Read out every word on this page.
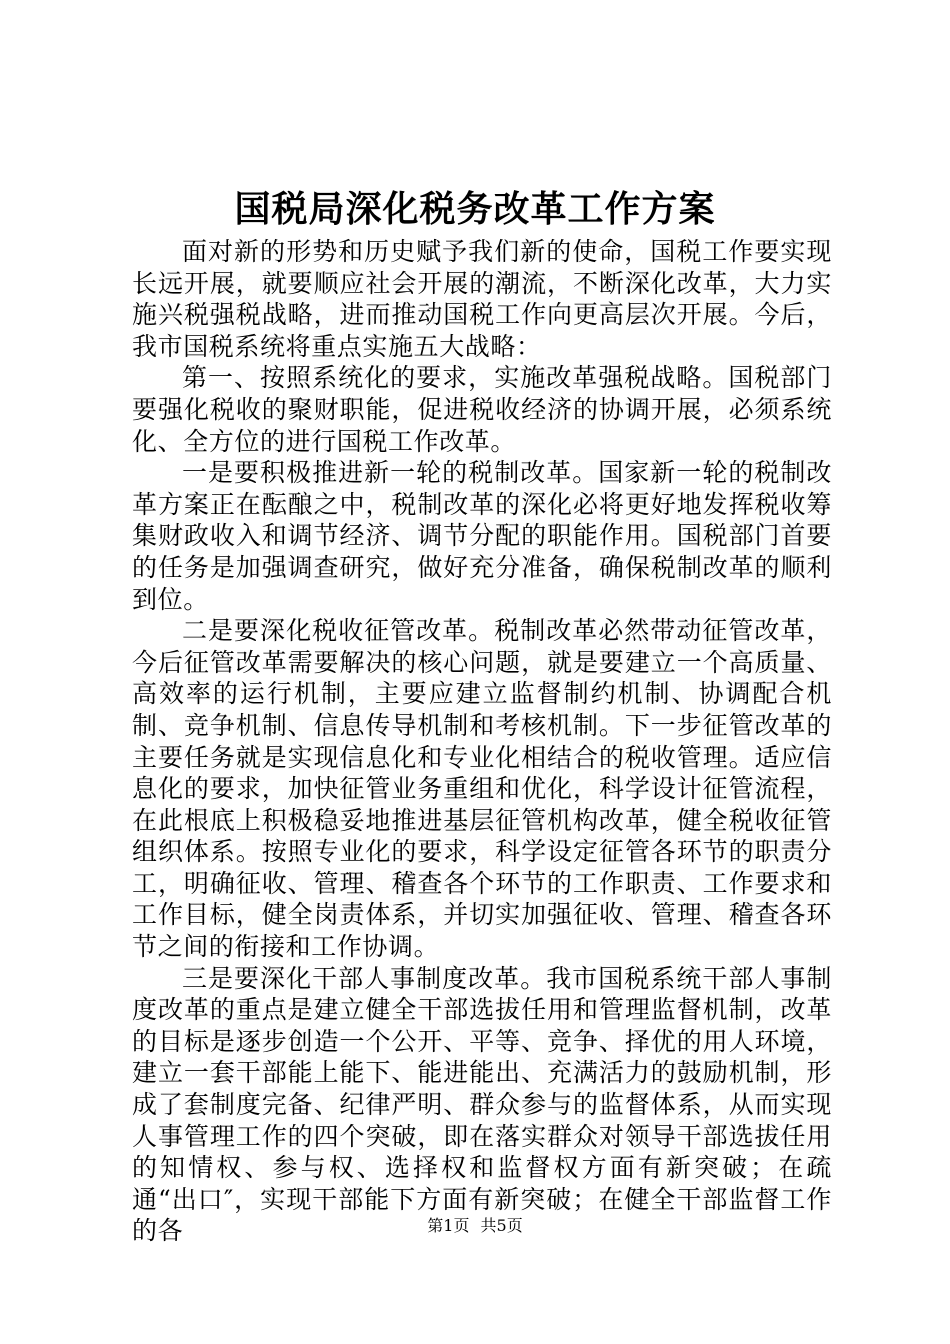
国税局深化税务改革工作方案

面对新的形势和历史赋予我们新的使命，国税工作要实现长远开展，就要顺应社会开展的潮流，不断深化改革，大力实施兴税强税战略，进而推动国税工作向更高层次开展。今后，我市国税系统将重点实施五大战略：

第一、按照系统化的要求，实施改革强税战略。国税部门要强化税收的聚财职能，促进税收经济的协调开展，必须系统化、全方位的进行国税工作改革。

一是要积极推进新一轮的税制改革。国家新一轮的税制改革方案正在酝酿之中，税制改革的深化必将更好地发挥税收筹集财政收入和调节经济、调节分配的职能作用。国税部门首要的任务是加强调查研究，做好充分准备，确保税制改革的顺利到位。

二是要深化税收征管改革。税制改革必然带动征管改革，今后征管改革需要解决的核心问题，就是要建立一个高质量、高效率的运行机制，主要应建立监督制约机制、协调配合机制、竞争机制、信息传导机制和考核机制。下一步征管改革的主要任务就是实现信息化和专业化相结合的税收管理。适应信息化的要求，加快征管业务重组和优化，科学设计征管流程，在此根底上积极稳妥地推进基层征管机构改革，健全税收征管组织体系。按照专业化的要求，科学设定征管各环节的职责分工，明确征收、管理、稽查各个环节的工作职责、工作要求和工作目标，健全岗责体系，并切实加强征收、管理、稽查各环节之间的衔接和工作协调。

三是要深化干部人事制度改革。我市国税系统干部人事制度改革的重点是建立健全干部选拔任用和管理监督机制，改革的目标是逐步创造一个公开、平等、竞争、择优的用人环境，建立一套干部能上能下、能进能出、充满活力的鼓励机制，形成了套制度完备、纪律严明、群众参与的监督体系，从而实现人事管理工作的四个突破，即在落实群众对领导干部选拔任用的知情权、参与权、选择权和监督权方面有新突破；在疏通“出口″，实现干部能下方面有新突破；在健全干部监督工作的各	第1页 共5页
